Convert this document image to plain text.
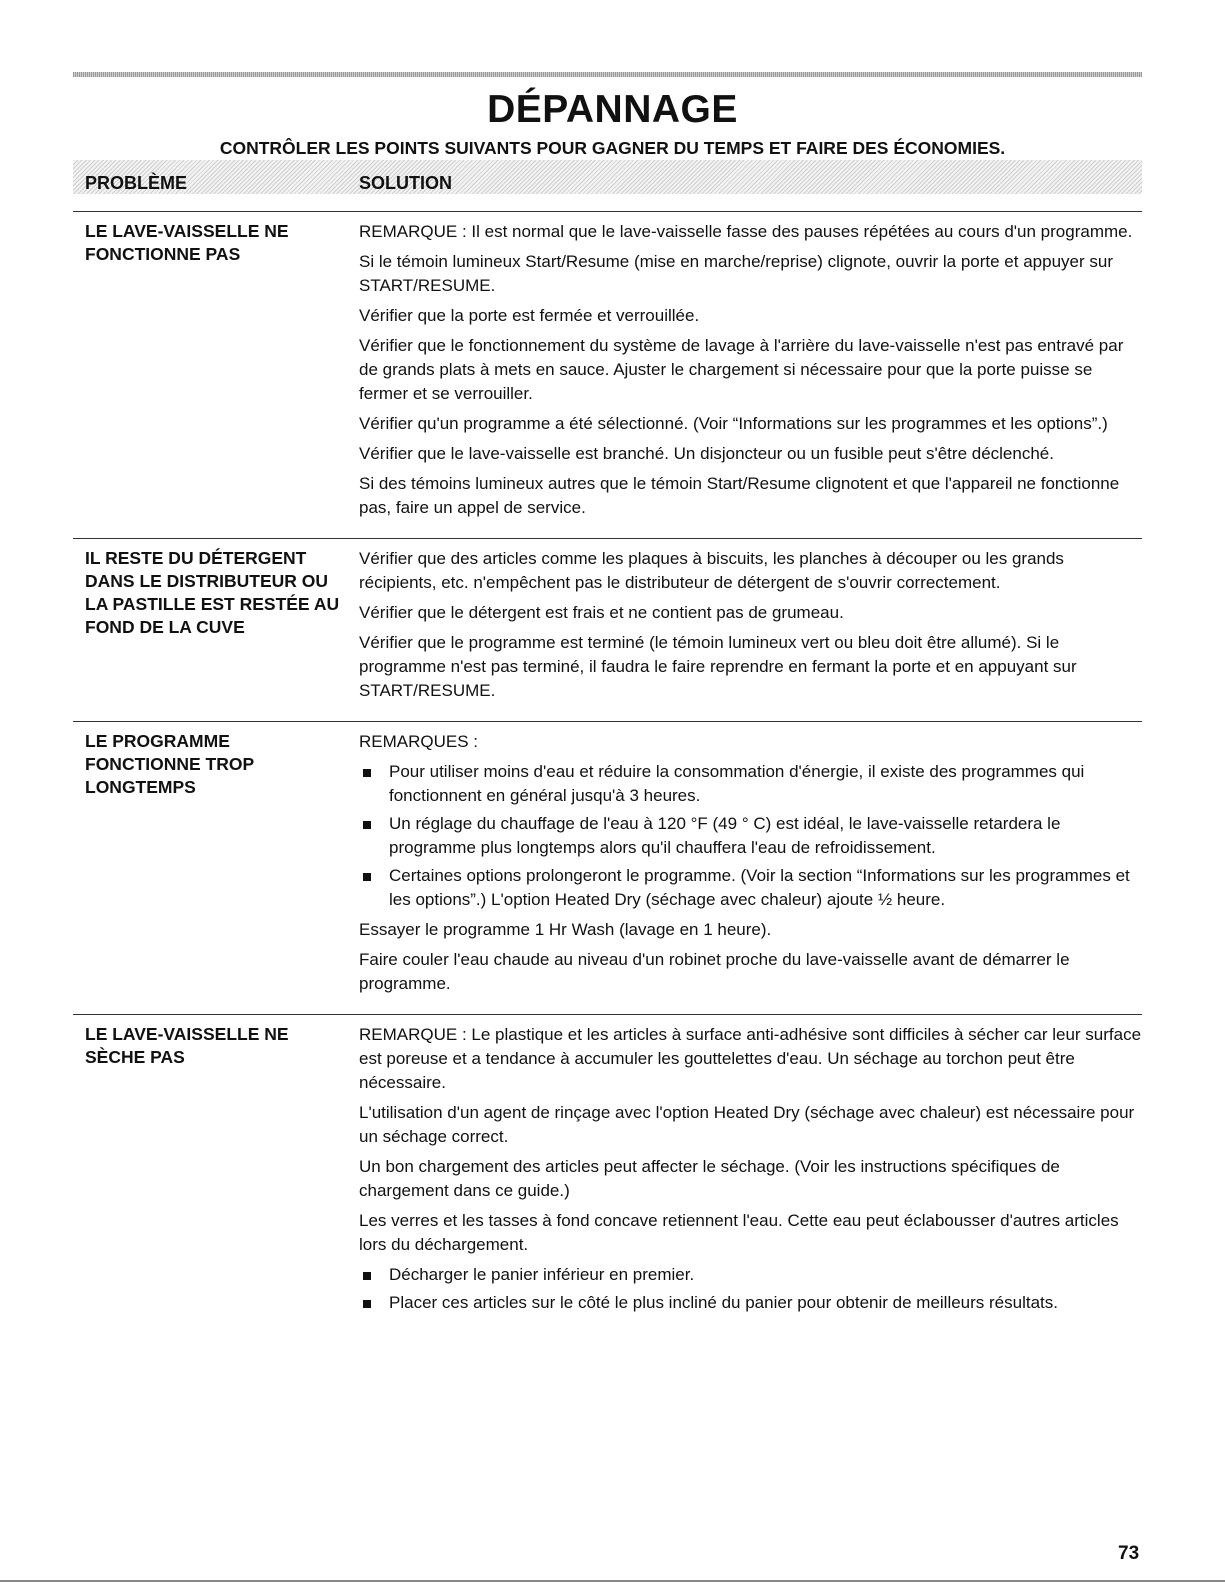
DÉPANNAGE
CONTRÔLER LES POINTS SUIVANTS POUR GAGNER DU TEMPS ET FAIRE DES ÉCONOMIES.
PROBLÈME	SOLUTION
LE LAVE-VAISSELLE NE
FONCTIONNE PAS

REMARQUE : Il est normal que le lave-vaisselle fasse des pauses répétées au cours d'un programme.

Si le témoin lumineux Start/Resume (mise en marche/reprise) clignote, ouvrir la porte et appuyer sur START/RESUME.

Vérifier que la porte est fermée et verrouillée.

Vérifier que le fonctionnement du système de lavage à l'arrière du lave-vaisselle n'est pas entravé par de grands plats à mets en sauce. Ajuster le chargement si nécessaire pour que la porte puisse se fermer et se verrouiller.

Vérifier qu'un programme a été sélectionné. (Voir “Informations sur les programmes et les options”.)

Vérifier que le lave-vaisselle est branché. Un disjoncteur ou un fusible peut s'être déclenché.

Si des témoins lumineux autres que le témoin Start/Resume clignotent et que l'appareil ne fonctionne pas, faire un appel de service.

IL RESTE DU DÉTERGENT
DANS LE DISTRIBUTEUR OU
LA PASTILLE EST RESTÉE AU
FOND DE LA CUVE

Vérifier que des articles comme les plaques à biscuits, les planches à découper ou les grands récipients, etc. n'empêchent pas le distributeur de détergent de s'ouvrir correctement.

Vérifier que le détergent est frais et ne contient pas de grumeau.

Vérifier que le programme est terminé (le témoin lumineux vert ou bleu doit être allumé). Si le programme n'est pas terminé, il faudra le faire reprendre en fermant la porte et en appuyant sur START/RESUME.

LE PROGRAMME
FONCTIONNE TROP
LONGTEMPS

REMARQUES :

Pour utiliser moins d'eau et réduire la consommation d'énergie, il existe des programmes qui fonctionnent en général jusqu'à 3 heures.
Un réglage du chauffage de l'eau à 120 °F (49 ° C) est idéal, le lave-vaisselle retardera le programme plus longtemps alors qu'il chauffera l'eau de refroidissement.
Certaines options prolongeront le programme. (Voir la section “Informations sur les programmes et les options”.) L'option Heated Dry (séchage avec chaleur) ajoute ½ heure.

Essayer le programme 1 Hr Wash (lavage en 1 heure).

Faire couler l'eau chaude au niveau d'un robinet proche du lave-vaisselle avant de démarrer le programme.

LE LAVE-VAISSELLE NE
SÈCHE PAS

REMARQUE : Le plastique et les articles à surface anti-adhésive sont difficiles à sécher car leur surface est poreuse et a tendance à accumuler les gouttelettes d'eau. Un séchage au torchon peut être nécessaire.

L'utilisation d'un agent de rinçage avec l'option Heated Dry (séchage avec chaleur) est nécessaire pour un séchage correct.

Un bon chargement des articles peut affecter le séchage. (Voir les instructions spécifiques de chargement dans ce guide.)

Les verres et les tasses à fond concave retiennent l'eau. Cette eau peut éclabousser d'autres articles lors du déchargement.

Décharger le panier inférieur en premier.
Placer ces articles sur le côté le plus incliné du panier pour obtenir de meilleurs résultats.
73
